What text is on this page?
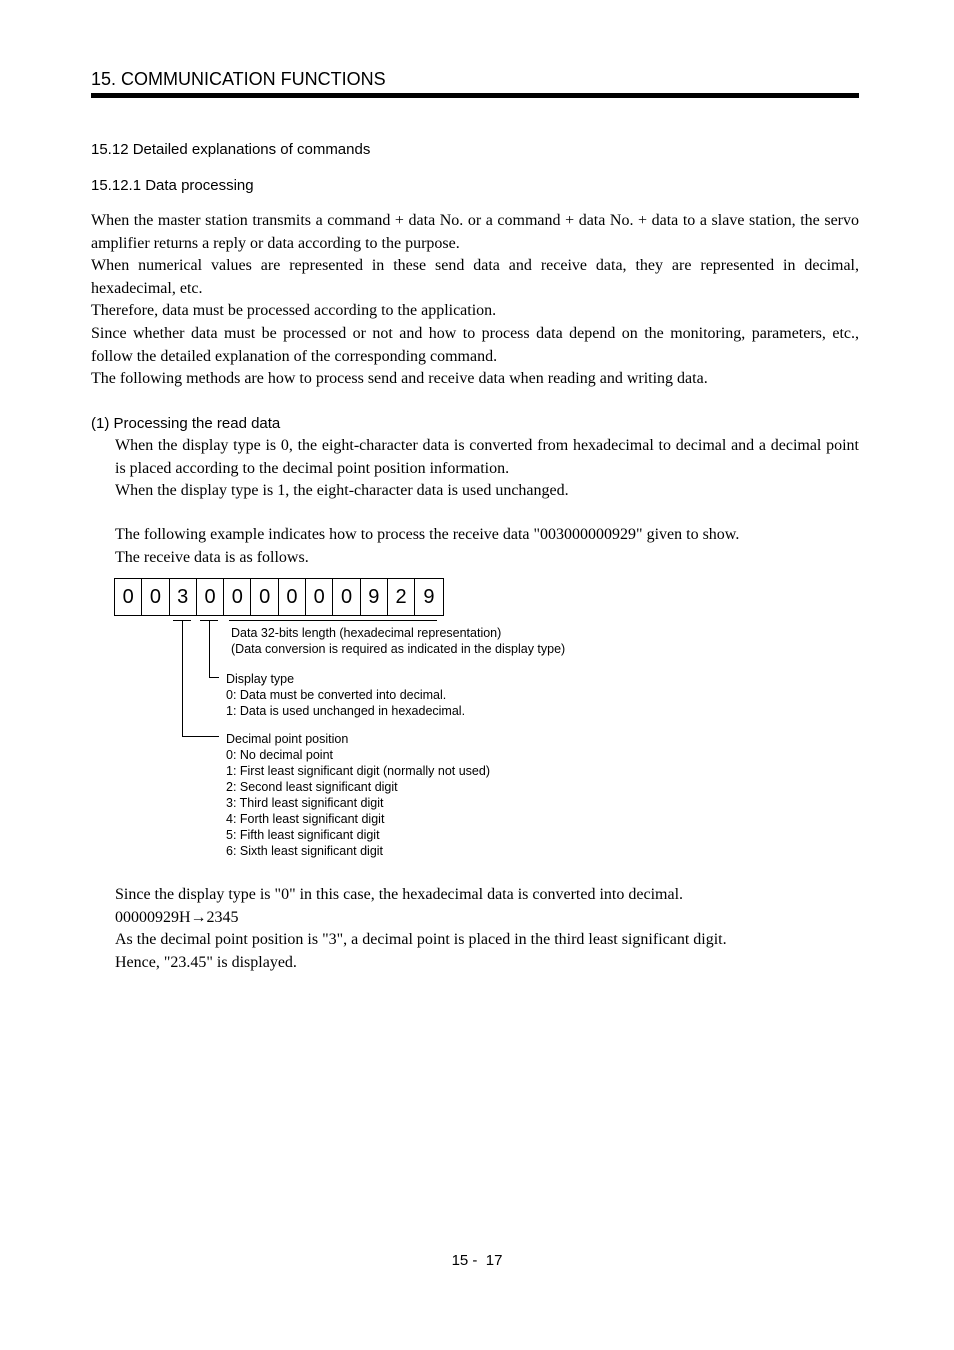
15. COMMUNICATION FUNCTIONS
15.12 Detailed explanations of commands
15.12.1 Data processing

When the master station transmits a command + data No. or a command + data No. + data to a slave station, the servo amplifier returns a reply or data according to the purpose.

When numerical values are represented in these send data and receive data, they are represented in decimal, hexadecimal, etc.

Therefore, data must be processed according to the application.

Since whether data must be processed or not and how to process data depend on the monitoring, parameters, etc., follow the detailed explanation of the corresponding command.

The following methods are how to process send and receive data when reading and writing data.

(1) Processing the read data

When the display type is 0, the eight-character data is converted from hexadecimal to decimal and a decimal point is placed according to the decimal point position information.

When the display type is 1, the eight-character data is used unchanged.

The following example indicates how to process the receive data "003000000929" given to show.

The receive data is as follows.

0 0 3 0 0 0 0 0 0 9 2 9
Data 32-bits length (hexadecimal representation)
(Data conversion is required as indicated in the display type)
Display type
0: Data must be converted into decimal.
1: Data is used unchanged in hexadecimal.
Decimal point position
0: No decimal point
1: First least significant digit (normally not used)
2: Second least significant digit
3: Third least significant digit
4: Forth least significant digit
5: Fifth least significant digit
6: Sixth least significant digit

Since the display type is "0" in this case, the hexadecimal data is converted into decimal.

00000929H→2345

As the decimal point position is "3", a decimal point is placed in the third least significant digit.

Hence, "23.45" is displayed.

15 -  17
